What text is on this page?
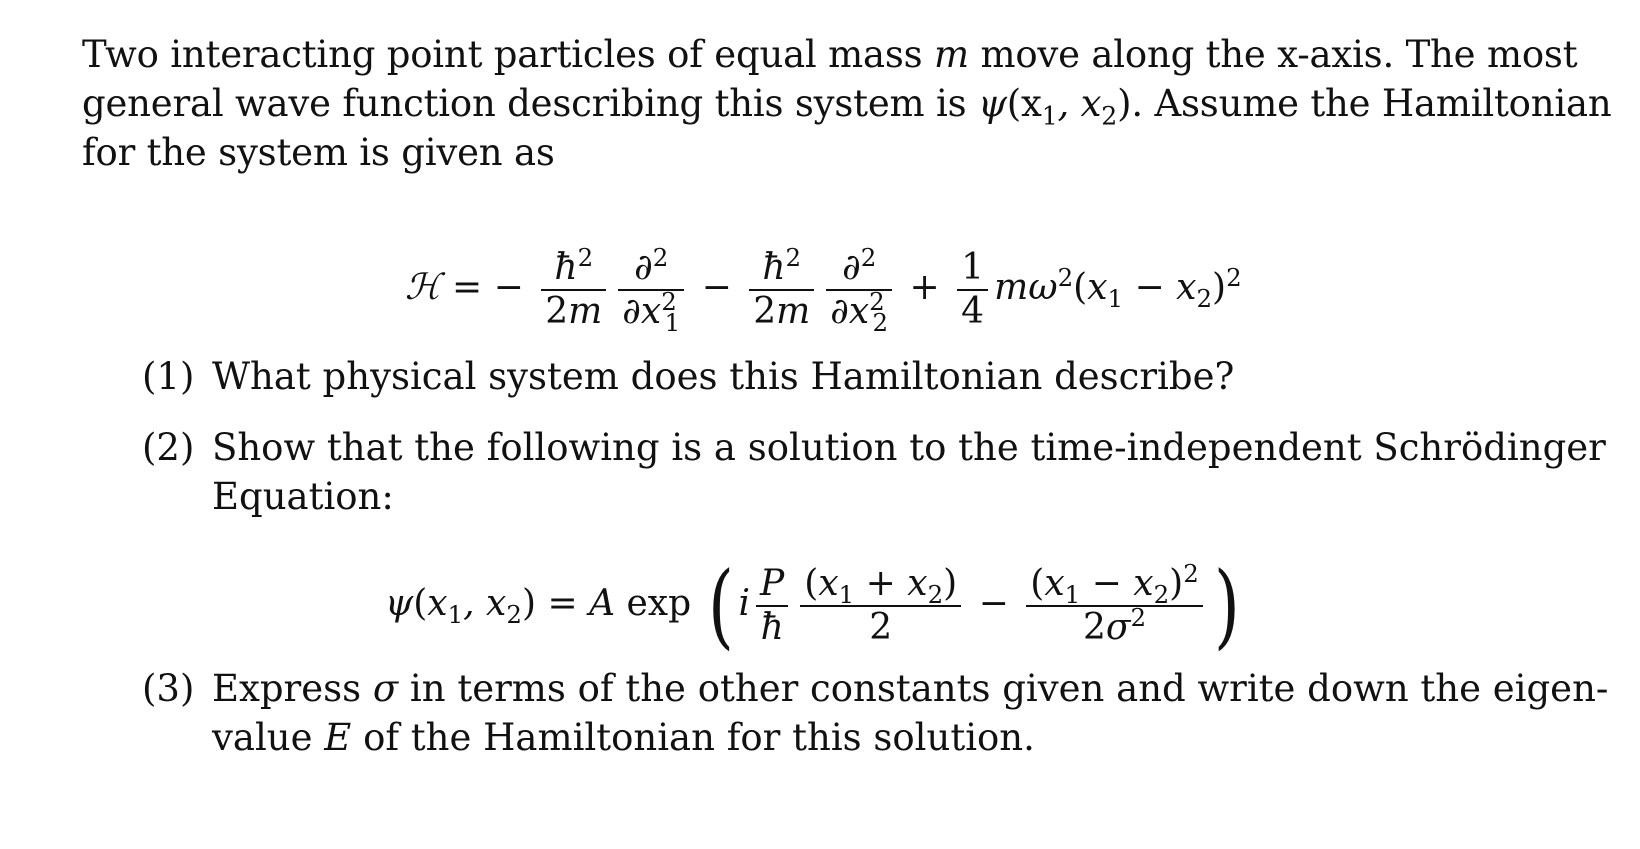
Two interacting point particles of equal mass m move along the x-axis. The most
general wave function describing this system is $\psi(x_1$, $x_2$). Assume the Hamiltonian
for the system is given as
ℋ = − $\frac{ħ^2}{2m} \frac{\partial^2}{\partial x^2_1} - \frac{ħ^2}{2m} \frac{\partial^2}{\partial x^2_2} + \frac{1}{4} m\omega^2(x_1 - x_2)^2$
(1) What physical system does this Hamiltonian describe?
(2) Show that the following is a solution to the time-independent Schrödinger
Equation:
$\psi(x_1$, $x_2) = A$ exp ( i $\frac{P}{ħ} \frac{(x_1 + x_2)}{2} - \frac{(x_1 - x_2)^2}{2\sigma^2}$ )
(3) Express σ in terms of the other constants given and write down the eigen-
value E of the Hamiltonian for this solution.
